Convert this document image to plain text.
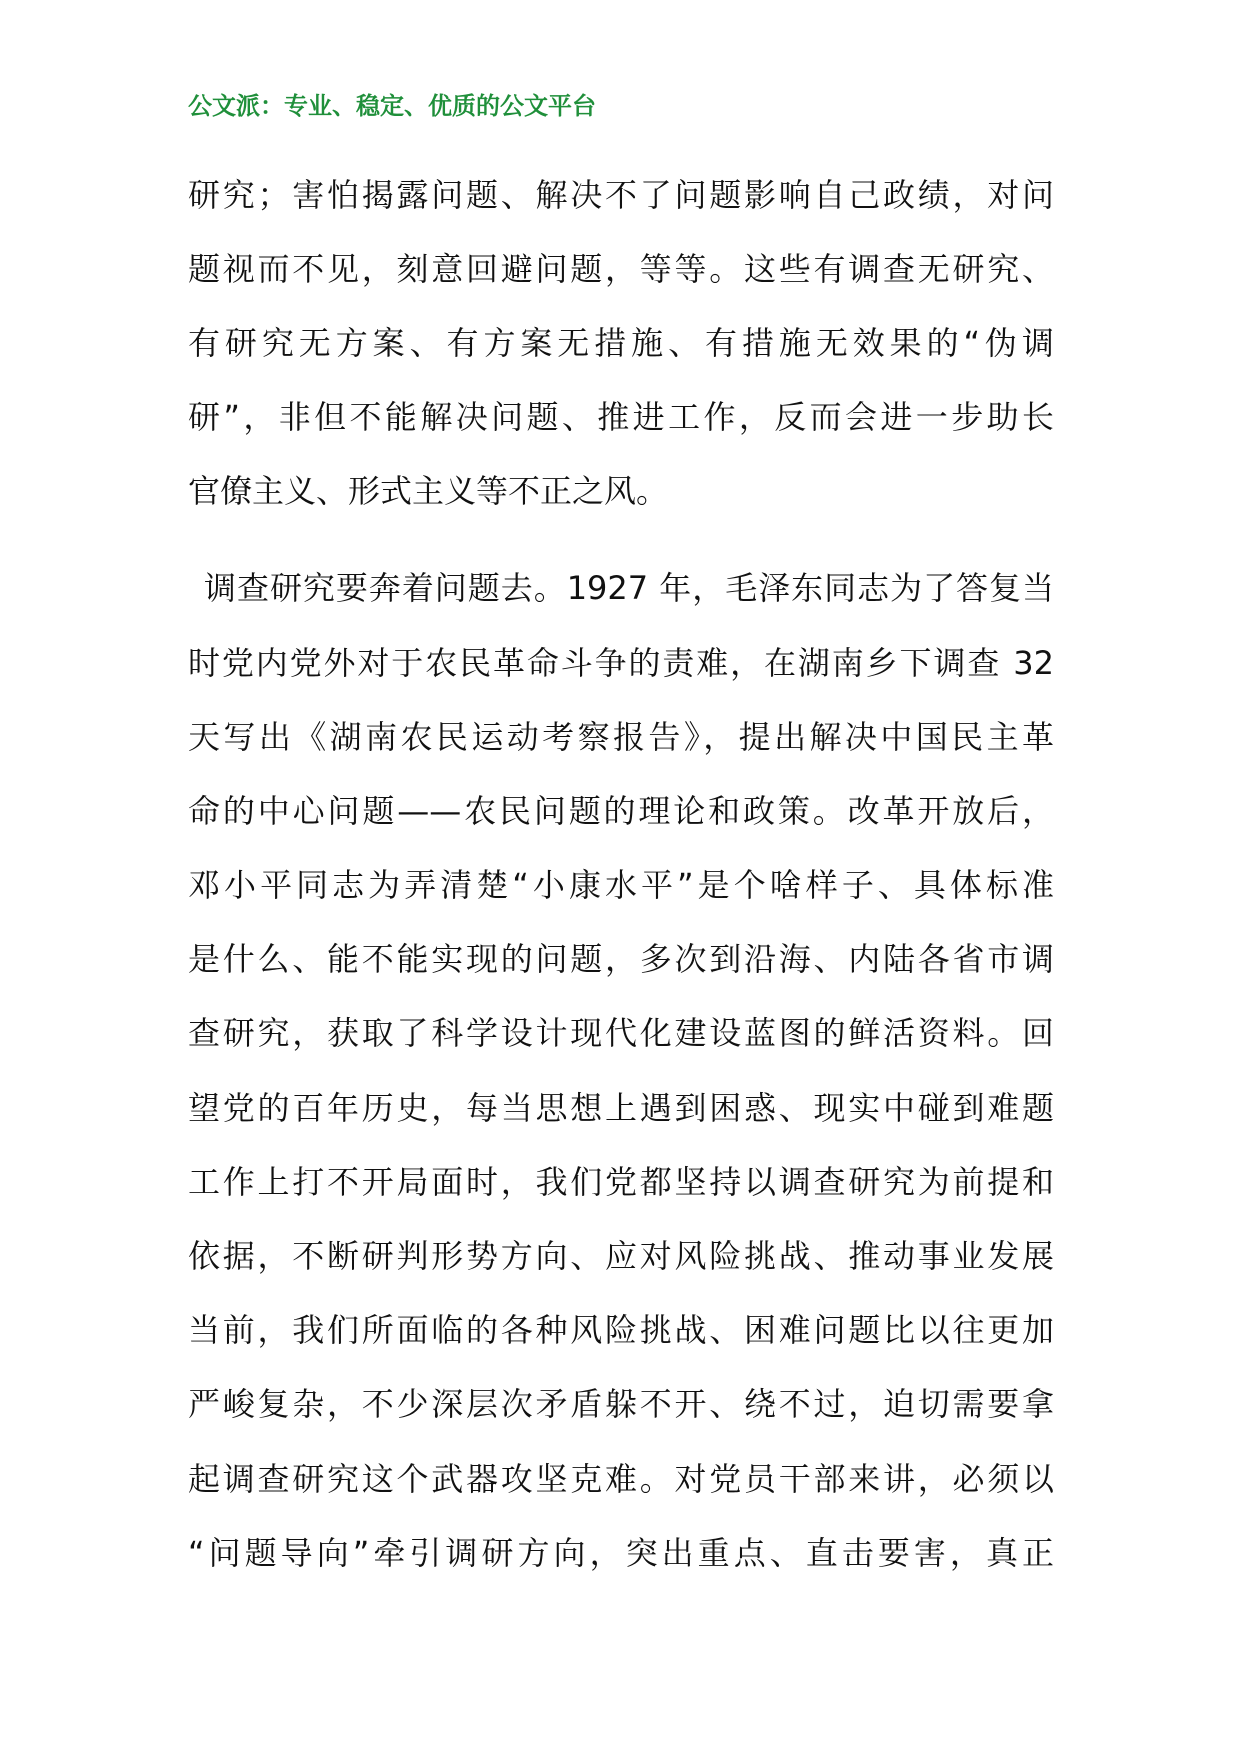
公文派：专业、稳定、优质的公文平台
研究；害怕揭露问题、解决不了问题影响自己政绩，对问
题视而不见，刻意回避问题，等等。这些有调查无研究、
有研究无方案、有方案无措施、有措施无效果的“伪调
研”，非但不能解决问题、推进工作，反而会进一步助长
官僚主义、形式主义等不正之风。
调查研究要奔着问题去。1927 年，毛泽东同志为了答复当
时党内党外对于农民革命斗争的责难，在湖南乡下调查 32
天写出《湖南农民运动考察报告》，提出解决中国民主革
命的中心问题——农民问题的理论和政策。改革开放后，
邓小平同志为弄清楚“小康水平”是个啥样子、具体标准
是什么、能不能实现的问题，多次到沿海、内陆各省市调
查研究，获取了科学设计现代化建设蓝图的鲜活资料。回
望党的百年历史，每当思想上遇到困惑、现实中碰到难题
工作上打不开局面时，我们党都坚持以调查研究为前提和
依据，不断研判形势方向、应对风险挑战、推动事业发展
当前，我们所面临的各种风险挑战、困难问题比以往更加
严峻复杂，不少深层次矛盾躲不开、绕不过，迫切需要拿
起调查研究这个武器攻坚克难。对党员干部来讲，必须以
“问题导向”牵引调研方向，突出重点、直击要害，真正
